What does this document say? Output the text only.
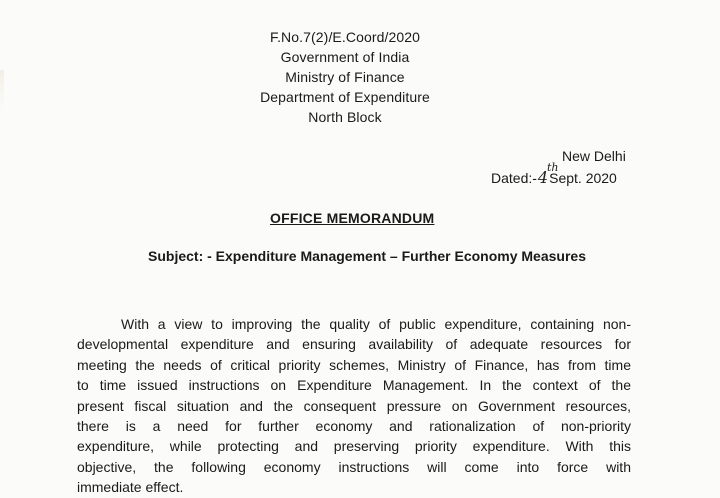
F.No.7(2)/E.Coord/2020
Government of India
Ministry of Finance
Department of Expenditure
North Block
New Delhi
Dated:-4
th
Sept. 2020
OFFICE MEMORANDUM
Subject: - Expenditure Management – Further Economy Measures
With a view to improving the quality of public expenditure, containing non-
developmental expenditure and ensuring availability of adequate resources for
meeting the needs of critical priority schemes, Ministry of Finance, has from time
to time issued instructions on Expenditure Management. In the context of the
present fiscal situation and the consequent pressure on Government resources,
there is a need for further economy and rationalization of non-priority
expenditure, while protecting and preserving priority expenditure. With this
objective, the following economy instructions will come into force with
immediate effect.
